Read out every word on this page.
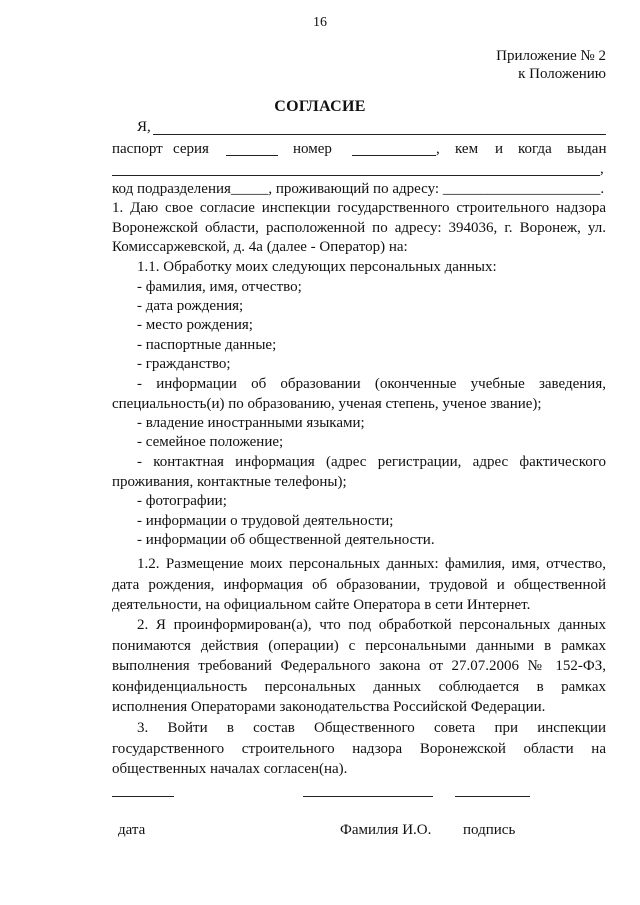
16
Приложение № 2
к Положению
СОГЛАСИЕ
Я,
паспорт серия	номер	, кем и когда выдан
,
код подразделения_____, проживающий по адресу: _____________________.
1. Даю свое согласие инспекции государственного строительного надзора
Воронежской области, расположенной по адресу: 394036, г. Воронеж, ул.
Комиссаржевской, д. 4а (далее - Оператор) на:
1.1. Обработку моих следующих персональных данных:
- фамилия, имя, отчество;
- дата рождения;
- место рождения;
- паспортные данные;
- гражданство;
- информации об образовании (оконченные учебные заведения,
специальность(и) по образованию, ученая степень, ученое звание);
- владение иностранными языками;
- семейное положение;
- контактная информация (адрес регистрации, адрес фактического
проживания, контактные телефоны);
- фотографии;
- информации о трудовой деятельности;
- информации об общественной деятельности.
1.2. Размещение моих персональных данных: фамилия, имя, отчество,
дата рождения, информация об образовании, трудовой и общественной
деятельности, на официальном сайте Оператора в сети Интернет.
2. Я проинформирован(а), что под обработкой персональных данных
понимаются действия (операции) с персональными данными в рамках
выполнения требований Федерального закона от 27.07.2006 № 152-ФЗ,
конфиденциальность персональных данных соблюдается в рамках
исполнения Операторами законодательства Российской Федерации.
3. Войти в состав Общественного совета при инспекции
государственного строительного надзора Воронежской области на
общественных началах согласен(на).
дата	Фамилия И.О. подпись
